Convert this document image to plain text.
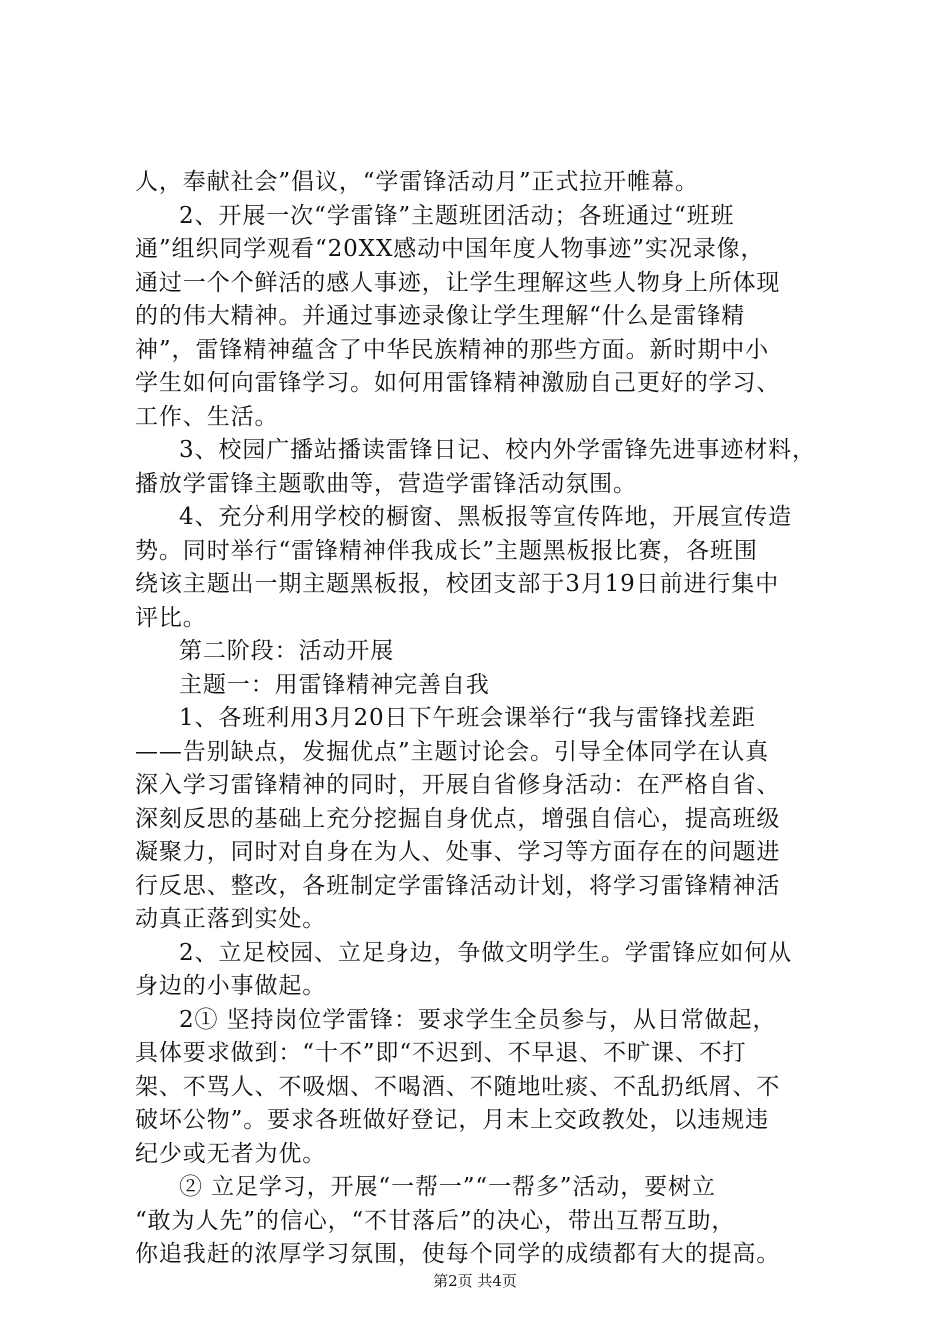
人，奉献社会”倡议，“学雷锋活动月”正式拉开帷幕。
2、开展一次“学雷锋”主题班团活动；各班通过“班班
通”组织同学观看“20XX感动中国年度人物事迹”实况录像，
通过一个个鲜活的感人事迹，让学生理解这些人物身上所体现
的的伟大精神。并通过事迹录像让学生理解“什么是雷锋精
神”，雷锋精神蕴含了中华民族精神的那些方面。新时期中小
学生如何向雷锋学习。如何用雷锋精神激励自己更好的学习、
工作、生活。
3、校园广播站播读雷锋日记、校内外学雷锋先进事迹材料，
播放学雷锋主题歌曲等，营造学雷锋活动氛围。
4、充分利用学校的橱窗、黑板报等宣传阵地，开展宣传造
势。同时举行“雷锋精神伴我成长”主题黑板报比赛，各班围
绕该主题出一期主题黑板报，校团支部于3月19日前进行集中
评比。
第二阶段：活动开展
主题一：用雷锋精神完善自我
1、各班利用3月20日下午班会课举行“我与雷锋找差距
——告别缺点，发掘优点”主题讨论会。引导全体同学在认真
深入学习雷锋精神的同时，开展自省修身活动：在严格自省、
深刻反思的基础上充分挖掘自身优点，增强自信心，提高班级
凝聚力，同时对自身在为人、处事、学习等方面存在的问题进
行反思、整改，各班制定学雷锋活动计划，将学习雷锋精神活
动真正落到实处。
2、立足校园、立足身边，争做文明学生。学雷锋应如何从
身边的小事做起。
2① 坚持岗位学雷锋：要求学生全员参与，从日常做起，
具体要求做到：“十不”即“不迟到、不早退、不旷课、不打
架、不骂人、不吸烟、不喝酒、不随地吐痰、不乱扔纸屑、不
破坏公物”。要求各班做好登记，月末上交政教处，以违规违
纪少或无者为优。
② 立足学习，开展“一帮一”“一帮多”活动，要树立
“敢为人先”的信心，“不甘落后”的决心，带出互帮互助，
你追我赶的浓厚学习氛围，使每个同学的成绩都有大的提高。
第2页 共4页
